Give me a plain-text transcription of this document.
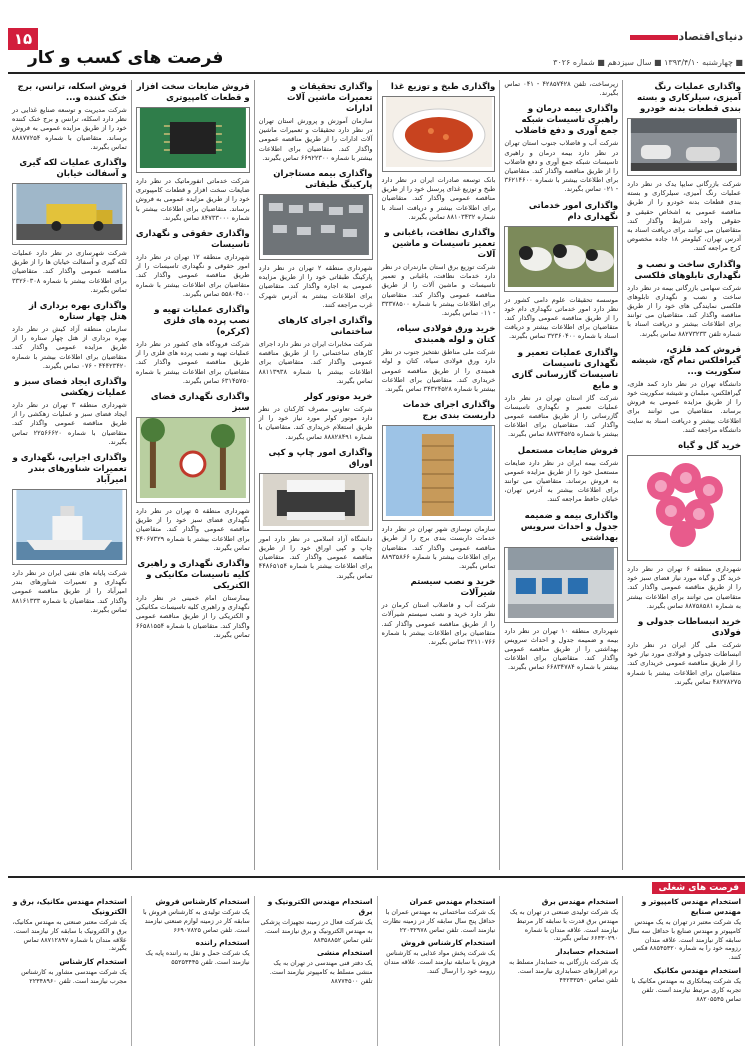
۱۵
فرصت های کسب و کار
دنیای‌اقتصاد
■ چهارشنبه ۱۳۹۳/۴/۱۰ ■ سال سیزدهم ■ شماره ۳۰۲۶
واگذاری عملیات رنگ آمیزی، سیلرکاری و بسته بندی قطعات بدنه خودرو

شرکت بازرگانی سایپا یدک در نظر دارد عملیات رنگ آمیزی، سیلرکاری و بسته بندی قطعات بدنه خودرو را از طریق مناقصه عمومی به اشخاص حقیقی و حقوقی واجد شرایط واگذار کند. متقاضیان می توانند برای دریافت اسناد به آدرس تهران، کیلومتر ۱۸ جاده مخصوص کرج مراجعه کنند.

واگذاری ساخت و نصب و نگهداری تابلوهای فلکسی

شرکت سهامی بازرگانی بیمه در نظر دارد ساخت و نصب و نگهداری تابلوهای فلکسی نمایندگی های خود را از طریق مناقصه واگذار کند. متقاضیان می توانند برای اطلاعات بیشتر و دریافت اسناد با شماره تلفن ۸۸۲۷۳۲۳۳ تماس بگیرند.

فروش کمد فلزی، گیرافلکس تمام گچ، شیشه سکوریت و...

دانشگاه تهران در نظر دارد کمد فلزی، گیرافلکس، مبلمان و شیشه سکوریت خود را از طریق مزایده عمومی به فروش برساند. متقاضیان می توانند برای اطلاعات بیشتر و دریافت اسناد به سایت دانشگاه مراجعه کنند.

خرید گل و گیاه

شهرداری منطقه ۶ تهران در نظر دارد خرید گل و گیاه مورد نیاز فضای سبز خود را از طریق مناقصه عمومی واگذار کند. متقاضیان می توانند برای اطلاعات بیشتر به شماره ۸۸۷۵۸۵۸۱ تماس بگیرند.

خرید انبساطات جدولی و فولادی

شرکت ملی گاز ایران در نظر دارد انبساطات جدولی و فولادی مورد نیاز خود را از طریق مناقصه عمومی خریداری کند. متقاضیان برای اطلاعات بیشتر با شماره ۴۸۲۷۸۲۷۵ تماس بگیرند.

زیرساخت، تلفن ۴۲۸۵۷۴۲۸ - ۰۴۱ تماس بگیرند.

واگذاری بیمه درمان و راهبری تاسیسات شبکه جمع آوری و دفع فاضلاب

شرکت آب و فاضلاب جنوب استان تهران در نظر دارد بیمه درمان و راهبری تاسیسات شبکه جمع آوری و دفع فاضلاب را از طریق مناقصه واگذار کند. متقاضیان برای اطلاعات بیشتر با شماره ۳۶۲۱۴۶۰۰ - ۰۲۱ تماس بگیرند.

واگذاری امور خدماتی نگهداری دام

موسسه تحقیقات علوم دامی کشور در نظر دارد امور خدماتی نگهداری دام خود را از طریق مناقصه عمومی واگذار کند. متقاضیان برای اطلاعات بیشتر و دریافت اسناد با شماره ۳۲۳۶۰۴۰۰ تماس بگیرند.

واگذاری عملیات تعمیر و نگهداری تاسیسات تاسیسات گازرسانی گازی و مایع

شرکت گاز استان تهران در نظر دارد عملیات تعمیر و نگهداری تاسیسات گازرسانی را از طریق مناقصه عمومی واگذار کند. متقاضیان برای اطلاعات بیشتر با شماره ۸۸۷۳۴۵۲۵ تماس بگیرند.

فروش ضایعات مستعمل

شرکت بیمه ایران در نظر دارد ضایعات مستعمل خود را از طریق مزایده عمومی به فروش برساند. متقاضیان می توانند برای اطلاعات بیشتر به آدرس تهران، خیابان حافظ مراجعه کنند.

واگذاری بیمه و ضمیمه جدول و احداث سرویس بهداشتی

شهرداری منطقه ۱۰ تهران در نظر دارد بیمه و ضمیمه جدول و احداث سرویس بهداشتی را از طریق مناقصه عمومی واگذار کند. متقاضیان برای اطلاعات بیشتر با شماره ۶۶۸۳۴۷۸۴ تماس بگیرند.

واگذاری طبخ و توزیع غذا

بانک توسعه صادرات ایران در نظر دارد طبخ و توزیع غذای پرسنل خود را از طریق مناقصه عمومی واگذار کند. متقاضیان برای اطلاعات بیشتر و دریافت اسناد با شماره ۸۸۱۰۳۴۳۲ تماس بگیرند.

واگذاری نظافت، باغبانی و تعمیر تاسیسات و ماشین آلات

شرکت توزیع برق استان مازندران در نظر دارد خدمات نظافت، باغبانی و تعمیر تاسیسات و ماشین آلات را از طریق مناقصه عمومی واگذار کند. متقاضیان برای اطلاعات بیشتر با شماره ۳۳۳۷۸۵۰۰ - ۰۱۱ تماس بگیرند.

خرید ورق فولادی سیاه، کتان و لوله همبندی

شرکت ملی مناطق نفتخیز جنوب در نظر دارد ورق فولادی سیاه، کتان و لوله همبندی را از طریق مناقصه عمومی خریداری کند. متقاضیان برای اطلاعات بیشتر با شماره ۳۴۳۲۴۵۲۸ تماس بگیرند.

واگذاری اجرای خدمات داربست بندی برج

سازمان نوسازی شهر تهران در نظر دارد خدمات داربست بندی برج را از طریق مناقصه عمومی واگذار کند. متقاضیان برای اطلاعات بیشتر با شماره ۸۸۹۳۵۸۶۶ تماس بگیرند.

خرید و نصب سیستم شیرآلات

شرکت آب و فاضلاب استان کرمان در نظر دارد خرید و نصب سیستم شیرآلات را از طریق مناقصه عمومی واگذار کند. متقاضیان برای اطلاعات بیشتر با شماره ۳۲۱۱۰۷۶۶ تماس بگیرند.

واگذاری تحقیقات و تعمیرات ماشین آلات ادارات

سازمان آموزش و پرورش استان تهران در نظر دارد تحقیقات و تعمیرات ماشین آلات ادارات را از طریق مناقصه عمومی واگذار کند. متقاضیان برای اطلاعات بیشتر با شماره ۶۶۹۲۲۳۰۰ تماس بگیرند.

واگذاری بیمه مستاجران پارکینگ طبقاتی

شهرداری منطقه ۲ تهران در نظر دارد پارکینگ طبقاتی خود را از طریق مزایده عمومی به اجاره واگذار کند. متقاضیان برای اطلاعات بیشتر به آدرس شهرک غرب مراجعه کنند.

واگذاری اجرای کارهای ساختمانی

شرکت مخابرات ایران در نظر دارد اجرای کارهای ساختمانی را از طریق مناقصه عمومی واگذار کند. متقاضیان برای اطلاعات بیشتر با شماره ۸۸۱۱۳۹۳۸ تماس بگیرند.

خرید موتور کولر

شرکت تعاونی مصرف کارکنان در نظر دارد موتور کولر مورد نیاز خود را از طریق استعلام خریداری کند. متقاضیان با شماره ۸۸۸۲۸۴۹۱ تماس بگیرند.

واگذاری امور چاپ و کپی اوراق

دانشگاه آزاد اسلامی در نظر دارد امور چاپ و کپی اوراق خود را از طریق مناقصه عمومی واگذار کند. متقاضیان برای اطلاعات بیشتر با شماره ۴۴۸۶۵۱۵۴ تماس بگیرند.

فروش ضایعات سخت افزار و قطعات کامپیوتری

شرکت خدماتی انفورماتیک در نظر دارد ضایعات سخت افزار و قطعات کامپیوتری خود را از طریق مزایده عمومی به فروش برساند. متقاضیان برای اطلاعات بیشتر با شماره ۸۴۷۳۳۰۰۰ تماس بگیرند.

واگذاری حقوقی و نگهداری تاسیسات

شهرداری منطقه ۱۲ تهران در نظر دارد امور حقوقی و نگهداری تاسیسات را از طریق مناقصه عمومی واگذار کند. متقاضیان برای اطلاعات بیشتر با شماره ۵۵۸۰۴۵۰۰ تماس بگیرند.

واگذاری عملیات تهیه و نصب پرده های فلزی (کرکره)

شرکت فرودگاه های کشور در نظر دارد عملیات تهیه و نصب پرده های فلزی را از طریق مناقصه عمومی واگذار کند. متقاضیان برای اطلاعات بیشتر با شماره ۶۳۱۴۵۷۵۰ تماس بگیرند.

واگذاری نگهداری فضای سبز

شهرداری منطقه ۵ تهران در نظر دارد نگهداری فضای سبز خود را از طریق مناقصه عمومی واگذار کند. متقاضیان برای اطلاعات بیشتر با شماره ۴۴۰۶۷۳۲۹ تماس بگیرند.

واگذاری نگهداری و راهبری کلیه تاسیسات مکانیکی و الکتریکی

بیمارستان امام خمینی در نظر دارد نگهداری و راهبری کلیه تاسیسات مکانیکی و الکتریکی را از طریق مناقصه عمومی واگذار کند. متقاضیان با شماره ۶۶۵۸۱۵۵۴ تماس بگیرند.

فروش اسکله، ترانس، برج خنک کننده و...

شرکت مدیریت و توسعه صنایع غذایی در نظر دارد اسکله، ترانس و برج خنک کننده خود را از طریق مزایده عمومی به فروش برساند. متقاضیان با شماره ۸۸۸۷۷۲۵۴ تماس بگیرند.

واگذاری عملیات لکه گیری و آسفالت خیابان

شرکت شهرسازی در نظر دارد عملیات لکه گیری و آسفالت خیابان ها را از طریق مناقصه عمومی واگذار کند. متقاضیان برای اطلاعات بیشتر با شماره ۳۳۲۶۰۳۰۸ تماس بگیرند.

واگذاری بهره برداری از هتل چهار ستاره

سازمان منطقه آزاد کیش در نظر دارد بهره برداری از هتل چهار ستاره را از طریق مزایده عمومی واگذار کند. متقاضیان برای اطلاعات بیشتر با شماره ۴۴۴۲۳۴۲۰ - ۰۷۶ تماس بگیرند.

واگذاری ایجاد فضای سبز و عملیات زهکشی

شهرداری منطقه ۳ تهران در نظر دارد ایجاد فضای سبز و عملیات زهکشی را از طریق مناقصه عمومی واگذار کند. متقاضیان با شماره ۲۲۵۶۶۶۲۰ تماس بگیرند.

واگذاری اجرایی، نگهداری و تعمیرات شناورهای بندر امیرآباد

شرکت پایانه های نفتی ایران در نظر دارد نگهداری و تعمیرات شناورهای بندر امیرآباد را از طریق مناقصه عمومی واگذار کند. متقاضیان با شماره ۸۸۱۶۱۳۳۳ تماس بگیرند.

فرصت های شغلی
استخدام مهندس کامپیوتر و مهندس صنایع

یک شرکت معتبر در تهران به یک مهندس کامپیوتر و مهندس صنایع با حداقل سه سال سابقه کار نیازمند است. علاقه مندان رزومه خود را به شماره ۸۸۵۴۵۳۲۰ فکس کنند.

استخدام مهندس مکانیک

یک شرکت پیمانکاری به مهندس مکانیک با تجربه کاری مرتبط نیازمند است. تلفن تماس ۸۸۲۰۵۵۴۵

استخدام مهندس برق

یک شرکت تولیدی صنعتی در تهران به یک مهندس برق قدرت با سابقه کار مرتبط نیازمند است. علاقه مندان با شماره ۶۶۴۳۰۲۹۰ تماس بگیرند.

استخدام حسابدار

یک شرکت بازرگانی به حسابدار مسلط به نرم افزارهای حسابداری نیازمند است. تلفن تماس ۴۴۲۳۳۵۹۰

استخدام مهندس عمران

یک شرکت ساختمانی به مهندس عمران با حداقل پنج سال سابقه کار در زمینه نظارت نیازمند است. تلفن تماس ۲۲۰۳۲۹۷۸

استخدام کارشناس فروش

یک شرکت پخش مواد غذایی به کارشناس فروش با سابقه نیازمند است. علاقه مندان رزومه خود را ارسال کنند.

استخدام مهندس الکترونیک و برق

یک شرکت فعال در زمینه تجهیزات پزشکی به مهندس الکترونیک و برق نیازمند است. تلفن تماس ۸۸۳۵۸۸۵۲

استخدام منشی

یک دفتر فنی مهندسی در تهران به یک منشی مسلط به کامپیوتر نیازمند است. تلفن ۸۸۷۷۴۵۰۰

استخدام کارشناس فروش

یک شرکت تولیدی به کارشناس فروش با سابقه کار در زمینه لوازم صنعتی نیازمند است. تلفن تماس ۶۶۹۰۷۸۲۵

استخدام راننده

یک شرکت حمل و نقل به راننده پایه یک نیازمند است. تلفن ۵۵۲۵۳۴۴۵

استخدام مهندس مکانیک، برق و الکترونیک

یک شرکت معتبر صنعتی به مهندس مکانیک، برق و الکترونیک با سابقه کار نیازمند است. علاقه مندان با شماره ۸۸۷۱۲۸۹۷ تماس بگیرند.

استخدام کارشناس

یک شرکت مهندسی مشاور به کارشناس مجرب نیازمند است. تلفن ۲۲۳۴۸۹۶۰
